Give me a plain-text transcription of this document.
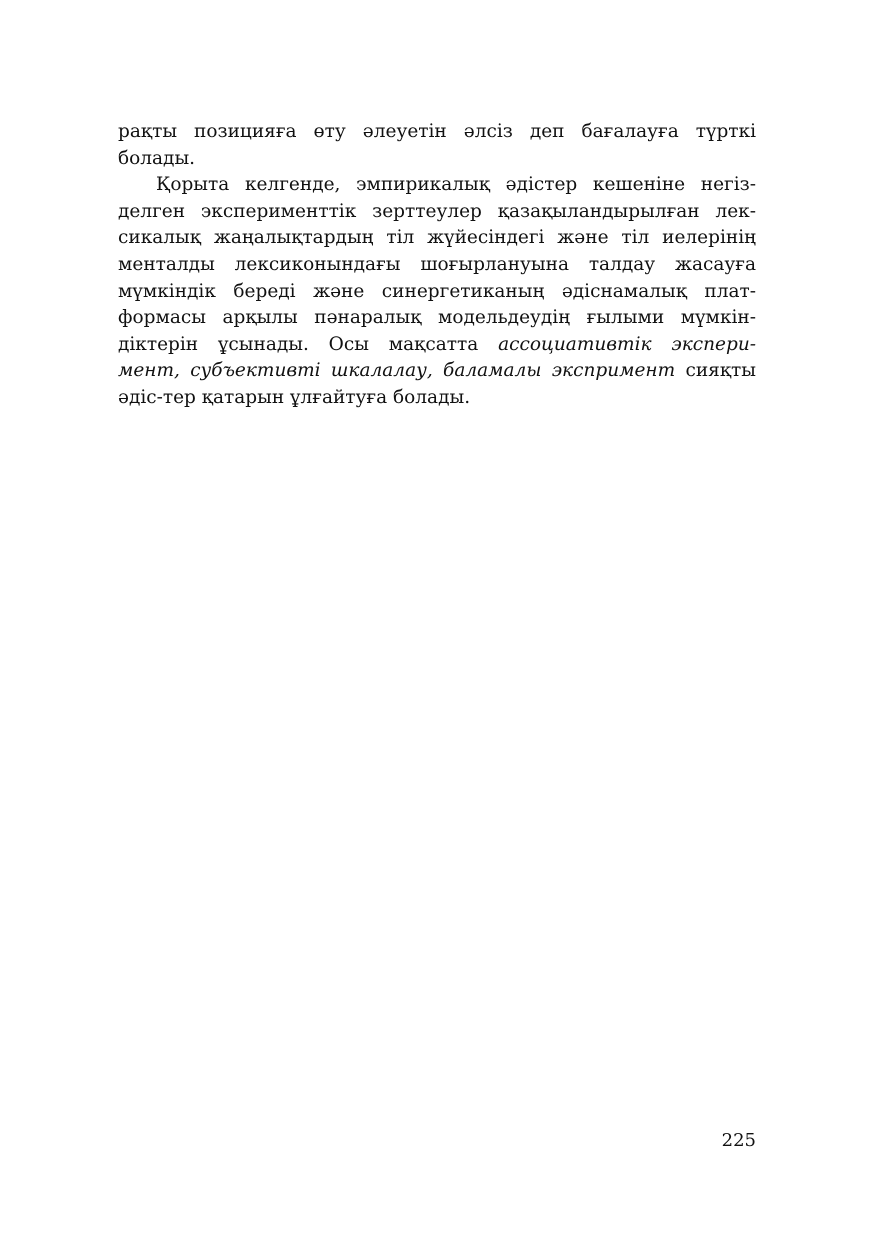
рақты позицияға өту әлеуетін әлсіз деп бағалауға түрткі
болады.
Қорыта келгенде, эмпирикалық әдістер кешеніне негіз-
делген эксперименттік зерттеулер қазақыландырылған лек-
сикалық жаңалықтардың тіл жүйесіндегі және тіл иелерінің
менталды лексиконындағы шоғырлануына талдау жасауға
мүмкіндік береді және синергетиканың әдіснамалық плат-
формасы арқылы пәнаралық модельдеудің ғылыми мүмкін-
діктерін ұсынады. Осы мақсатта ассоциативтік экспери-
мент, субъективті шкалалау, баламалы экспримент сияқты
әдіс-тер қатарын ұлғайтуға болады.
225
